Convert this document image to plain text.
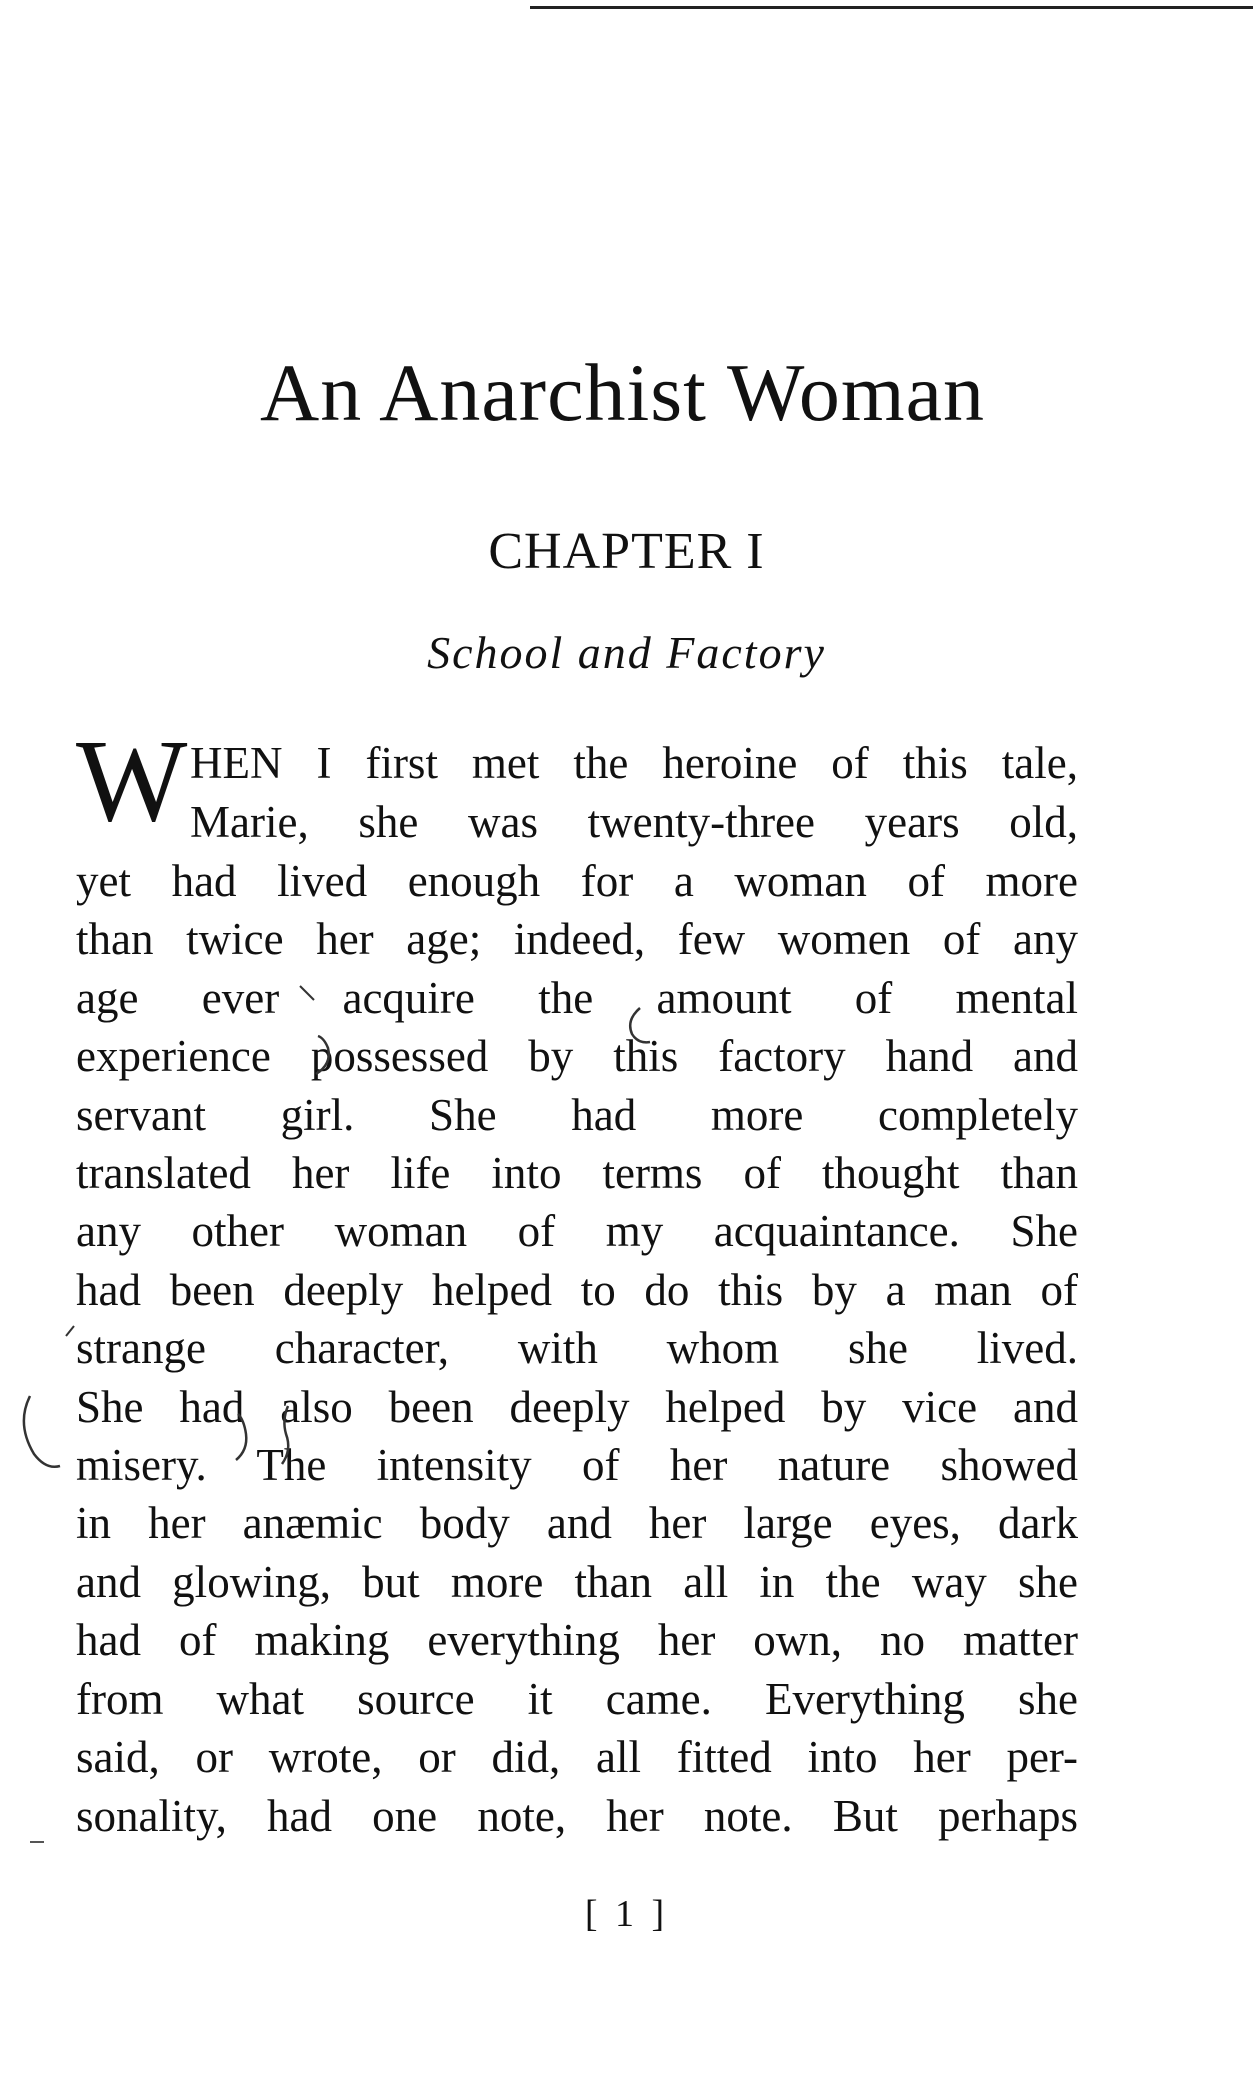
An Anarchist Woman
CHAPTER I
School and Factory
W HEN I first met the heroine of this tale,
Marie, she was twenty-three years old,
yet had lived enough for a woman of more
than twice her age; indeed, few women of any
age ever acquire the amount of mental
experience possessed by this factory hand and
servant girl. She had more completely
translated her life into terms of thought than
any other woman of my acquaintance. She
had been deeply helped to do this by a man of
strange character, with whom she lived.
She had also been deeply helped by vice and
misery. The intensity of her nature showed
in her anæmic body and her large eyes, dark
and glowing, but more than all in the way she
had of making everything her own, no matter
from what source it came. Everything she
said, or wrote, or did, all fitted into her per-
sonality, had one note, her note. But perhaps
[ 1 ]
